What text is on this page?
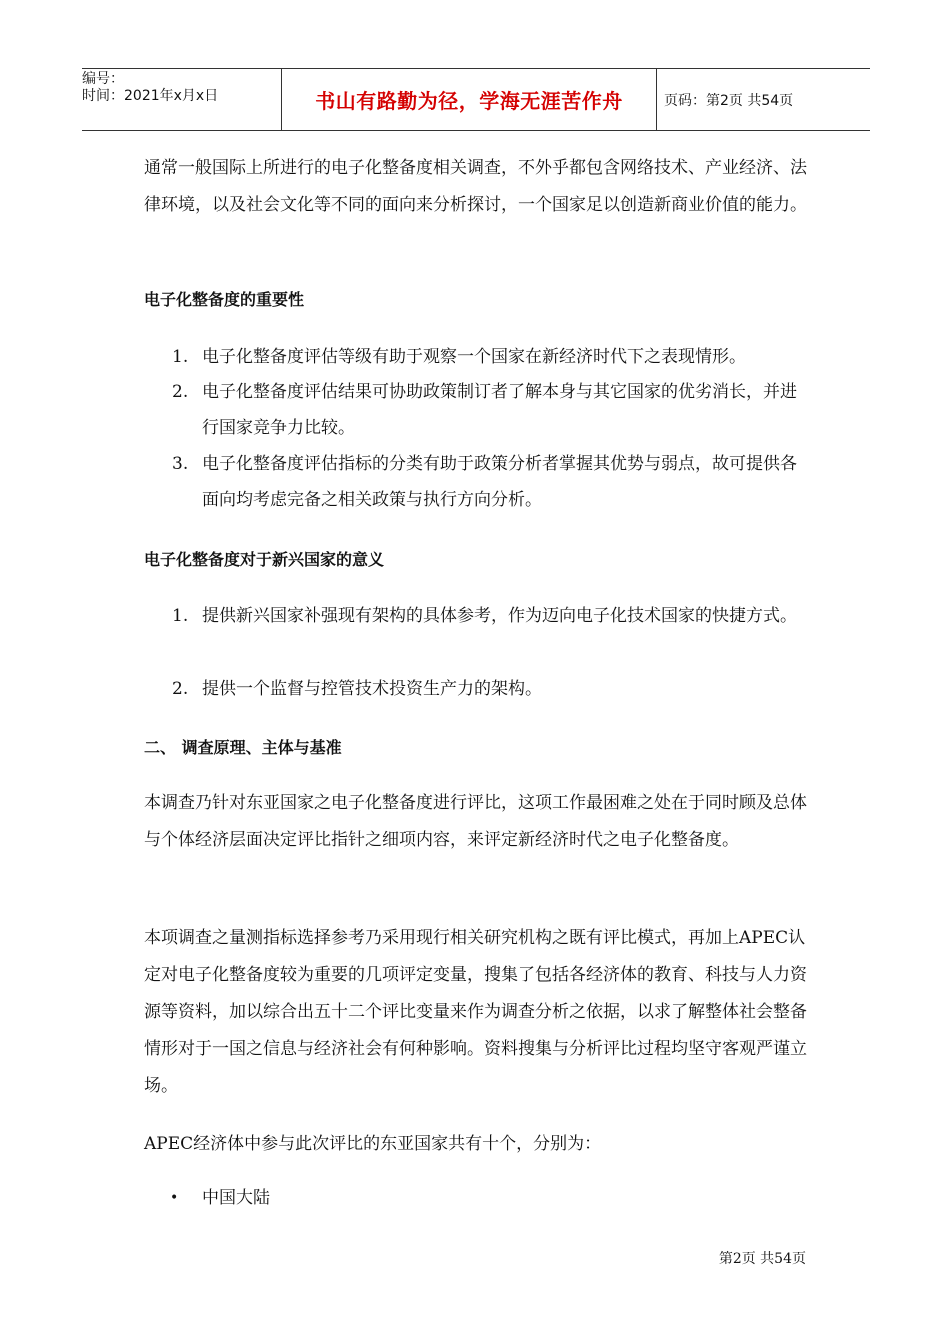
编号：
时间：2021年x月x日	书山有路勤为径，学海无涯苦作舟	页码：第2页 共54页

通常一般国际上所进行的电子化整备度相关调查，不外乎都包含网络技术、产业经济、法律环境，以及社会文化等不同的面向来分析探讨，一个国家足以创造新商业价值的能力。

电子化整备度的重要性

1. 电子化整备度评估等级有助于观察一个国家在新经济时代下之表现情形。
2. 电子化整备度评估结果可协助政策制订者了解本身与其它国家的优劣消长，并进行国家竞争力比较。
3. 电子化整备度评估指标的分类有助于政策分析者掌握其优势与弱点，故可提供各面向均考虑完备之相关政策与执行方向分析。

电子化整备度对于新兴国家的意义

1. 提供新兴国家补强现有架构的具体参考，作为迈向电子化技术国家的快捷方式。
2. 提供一个监督与控管技术投资生产力的架构。

二、 调查原理、主体与基准

本调查乃针对东亚国家之电子化整备度进行评比，这项工作最困难之处在于同时顾及总体与个体经济层面决定评比指针之细项内容，来评定新经济时代之电子化整备度。

本项调查之量测指标选择参考乃采用现行相关研究机构之既有评比模式，再加上APEC认定对电子化整备度较为重要的几项评定变量，搜集了包括各经济体的教育、科技与人力资源等资料，加以综合出五十二个评比变量来作为调查分析之依据，以求了解整体社会整备情形对于一国之信息与经济社会有何种影响。资料搜集与分析评比过程均坚守客观严谨立场。

APEC经济体中参与此次评比的东亚国家共有十个，分别为：

• 中国大陆

第2页 共54页
